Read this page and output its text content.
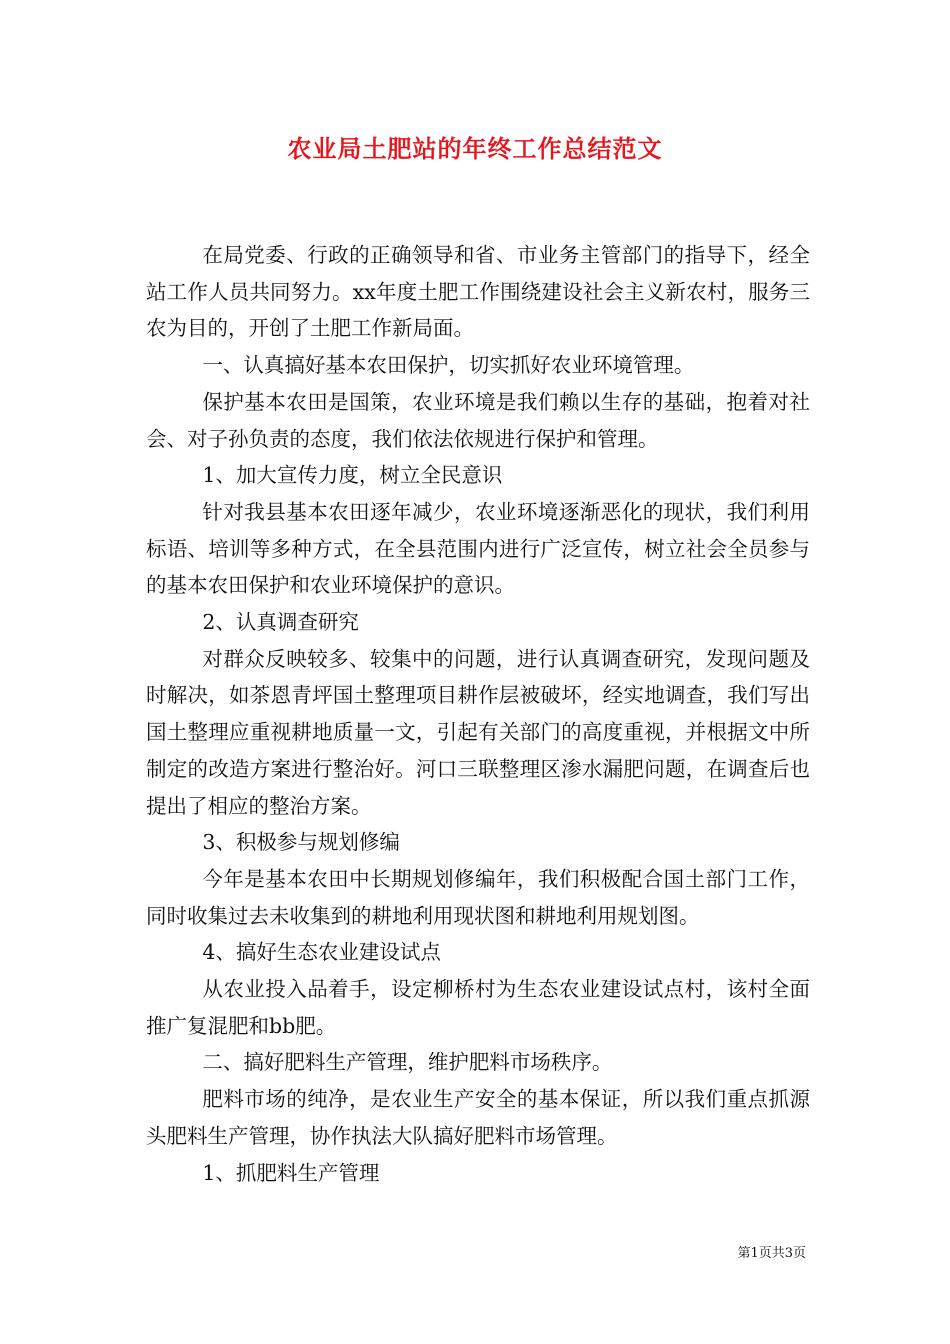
农业局土肥站的年终工作总结范文

在局党委、行政的正确领导和省、市业务主管部门的指导下，经全站工作人员共同努力。xx年度土肥工作围绕建设社会主义新农村，服务三农为目的，开创了土肥工作新局面。

一、认真搞好基本农田保护，切实抓好农业环境管理。

保护基本农田是国策，农业环境是我们赖以生存的基础，抱着对社会、对子孙负责的态度，我们依法依规进行保护和管理。

1、加大宣传力度，树立全民意识

针对我县基本农田逐年减少，农业环境逐渐恶化的现状，我们利用标语、培训等多种方式，在全县范围内进行广泛宣传，树立社会全员参与的基本农田保护和农业环境保护的意识。

2、认真调查研究

对群众反映较多、较集中的问题，进行认真调查研究，发现问题及时解决，如茶恩青坪国土整理项目耕作层被破坏，经实地调查，我们写出国土整理应重视耕地质量一文，引起有关部门的高度重视，并根据文中所制定的改造方案进行整治好。河口三联整理区渗水漏肥问题，在调查后也提出了相应的整治方案。

3、积极参与规划修编

今年是基本农田中长期规划修编年，我们积极配合国土部门工作，同时收集过去未收集到的耕地利用现状图和耕地利用规划图。

4、搞好生态农业建设试点

从农业投入品着手，设定柳桥村为生态农业建设试点村，该村全面推广复混肥和bb肥。

二、搞好肥料生产管理，维护肥料市场秩序。

肥料市场的纯净，是农业生产安全的基本保证，所以我们重点抓源头肥料生产管理，协作执法大队搞好肥料市场管理。

1、抓肥料生产管理

第1页共3页
